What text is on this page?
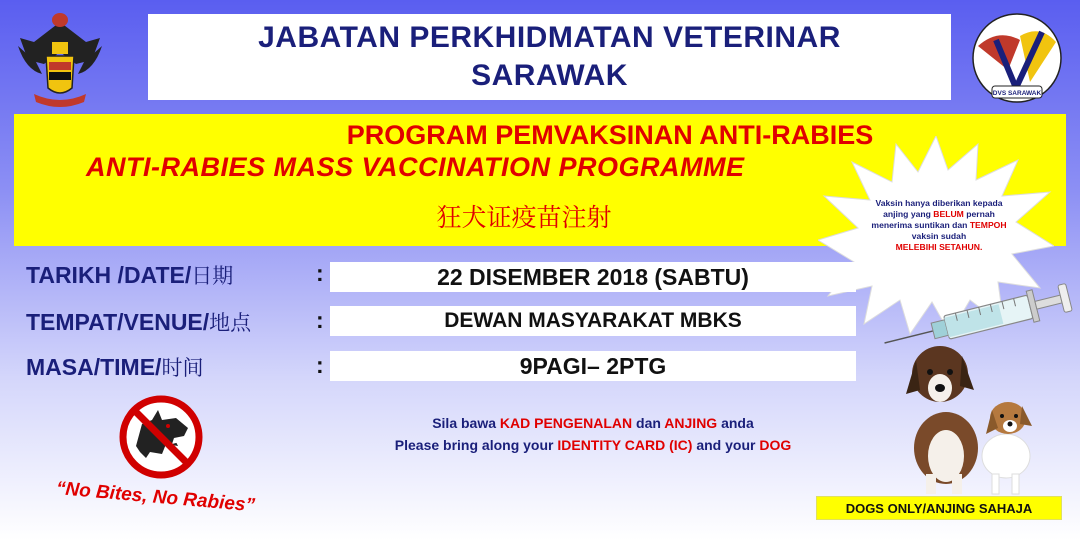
DVS SARAWAK
JABATAN PERKHIDMATAN VETERINAR
SARAWAK
PROGRAM PEMVAKSINAN ANTI-RABIES
ANTI-RABIES MASS VACCINATION PROGRAMME
狂犬证疫苗注射	Vaksin hanya diberikan kepada anjing yang BELUM pernah menerima suntikan dan TEMPOH vaksin sudah
MELEBIHI SETAHUN.
TARIKH /DATE/日期	:	22 DISEMBER 2018 (SABTU)
TEMPAT/VENUE/地点	:	DEWAN MASYARAKAT MBKS
MASA/TIME/时间	:	9PAGI– 2PTG
“No Bites, No Rabies”
Sila bawa KAD PENGENALAN dan ANJING anda
Please bring along your IDENTITY CARD (IC) and your DOG
DOGS ONLY/ANJING SAHAJA
